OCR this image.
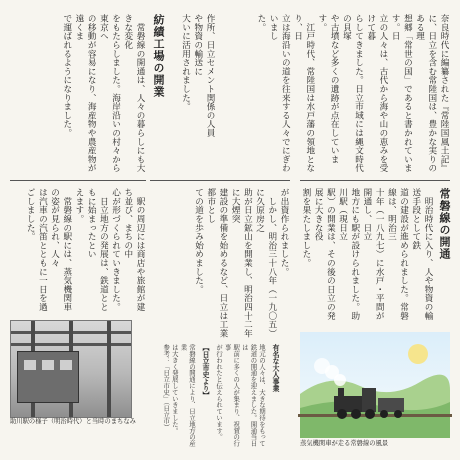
奈良時代に編纂された『常陸国風土記』
に、日立を含む常陸国は、豊かな実りのある理
想郷「常世の国」であると書かれています。日
立の人々は、古代から海や山の恵みを受けて暮
らしてきました。日立市域には縄文時代の貝塚
や古墳など多くの遺跡が点在しています。
　江戸時代、常陸国は水戸藩の領地となり、日
立は海沿いの道を往来する人々でにぎわいまし
た。
常磐線の開通
　明治時代に入り、人や物資の輸送手段として鉄
道の建設が進められました。常磐線は、明治三
十年（一八九七）に水戸・平間が開通し、日立
地方にも駅が設けられました。助川駅（現日立
駅）の開業は、その後の日立の発展に大きな役
割を果たしました。
作所、日立セメント関係の人員や物資の輸送に
大いに活用されました。
紡績工場の開業
が出資作られました。
　しかし、明治三十八年（一九〇五）に久原房之
助が日立鉱山を開業し、明治四十二年に大煙突
建設の準備を始めるなど、日立は工業都市とし
ての道を歩み始めました。
　常磐線の開通は、人々の暮らしにも大きな変化
をもたらしました。海岸沿いの村々から東京へ
の移動が容易になり、海産物や農産物が遠くま
で運ばれるようになりました。
　駅の周辺には商店や旅館が建ち並び、まちの中
心が形づくられていきました。
　日立地方の発展は、鉄道とともに始まったとい
えます。
　常磐線の駅には、蒸気機関車の姿が見られ、人々
は汽車の汽笛とともに一日を過ごしました。
助川駅の様子（明治時代）と当時のまちなみ
有名な大人事業
地元の人々は、大きな期待をもって
鉄道の開通を迎えました。開通当日は
駅前に多くの人が集まり、祝賀の行事
が行われたと伝えられています。
【日立市史より】
常磐線の開通により、日立地方の産業
は大きく発展していきました。
参考：「日立市史」（日立市）
蒸気機関車が走る常磐線の風景
